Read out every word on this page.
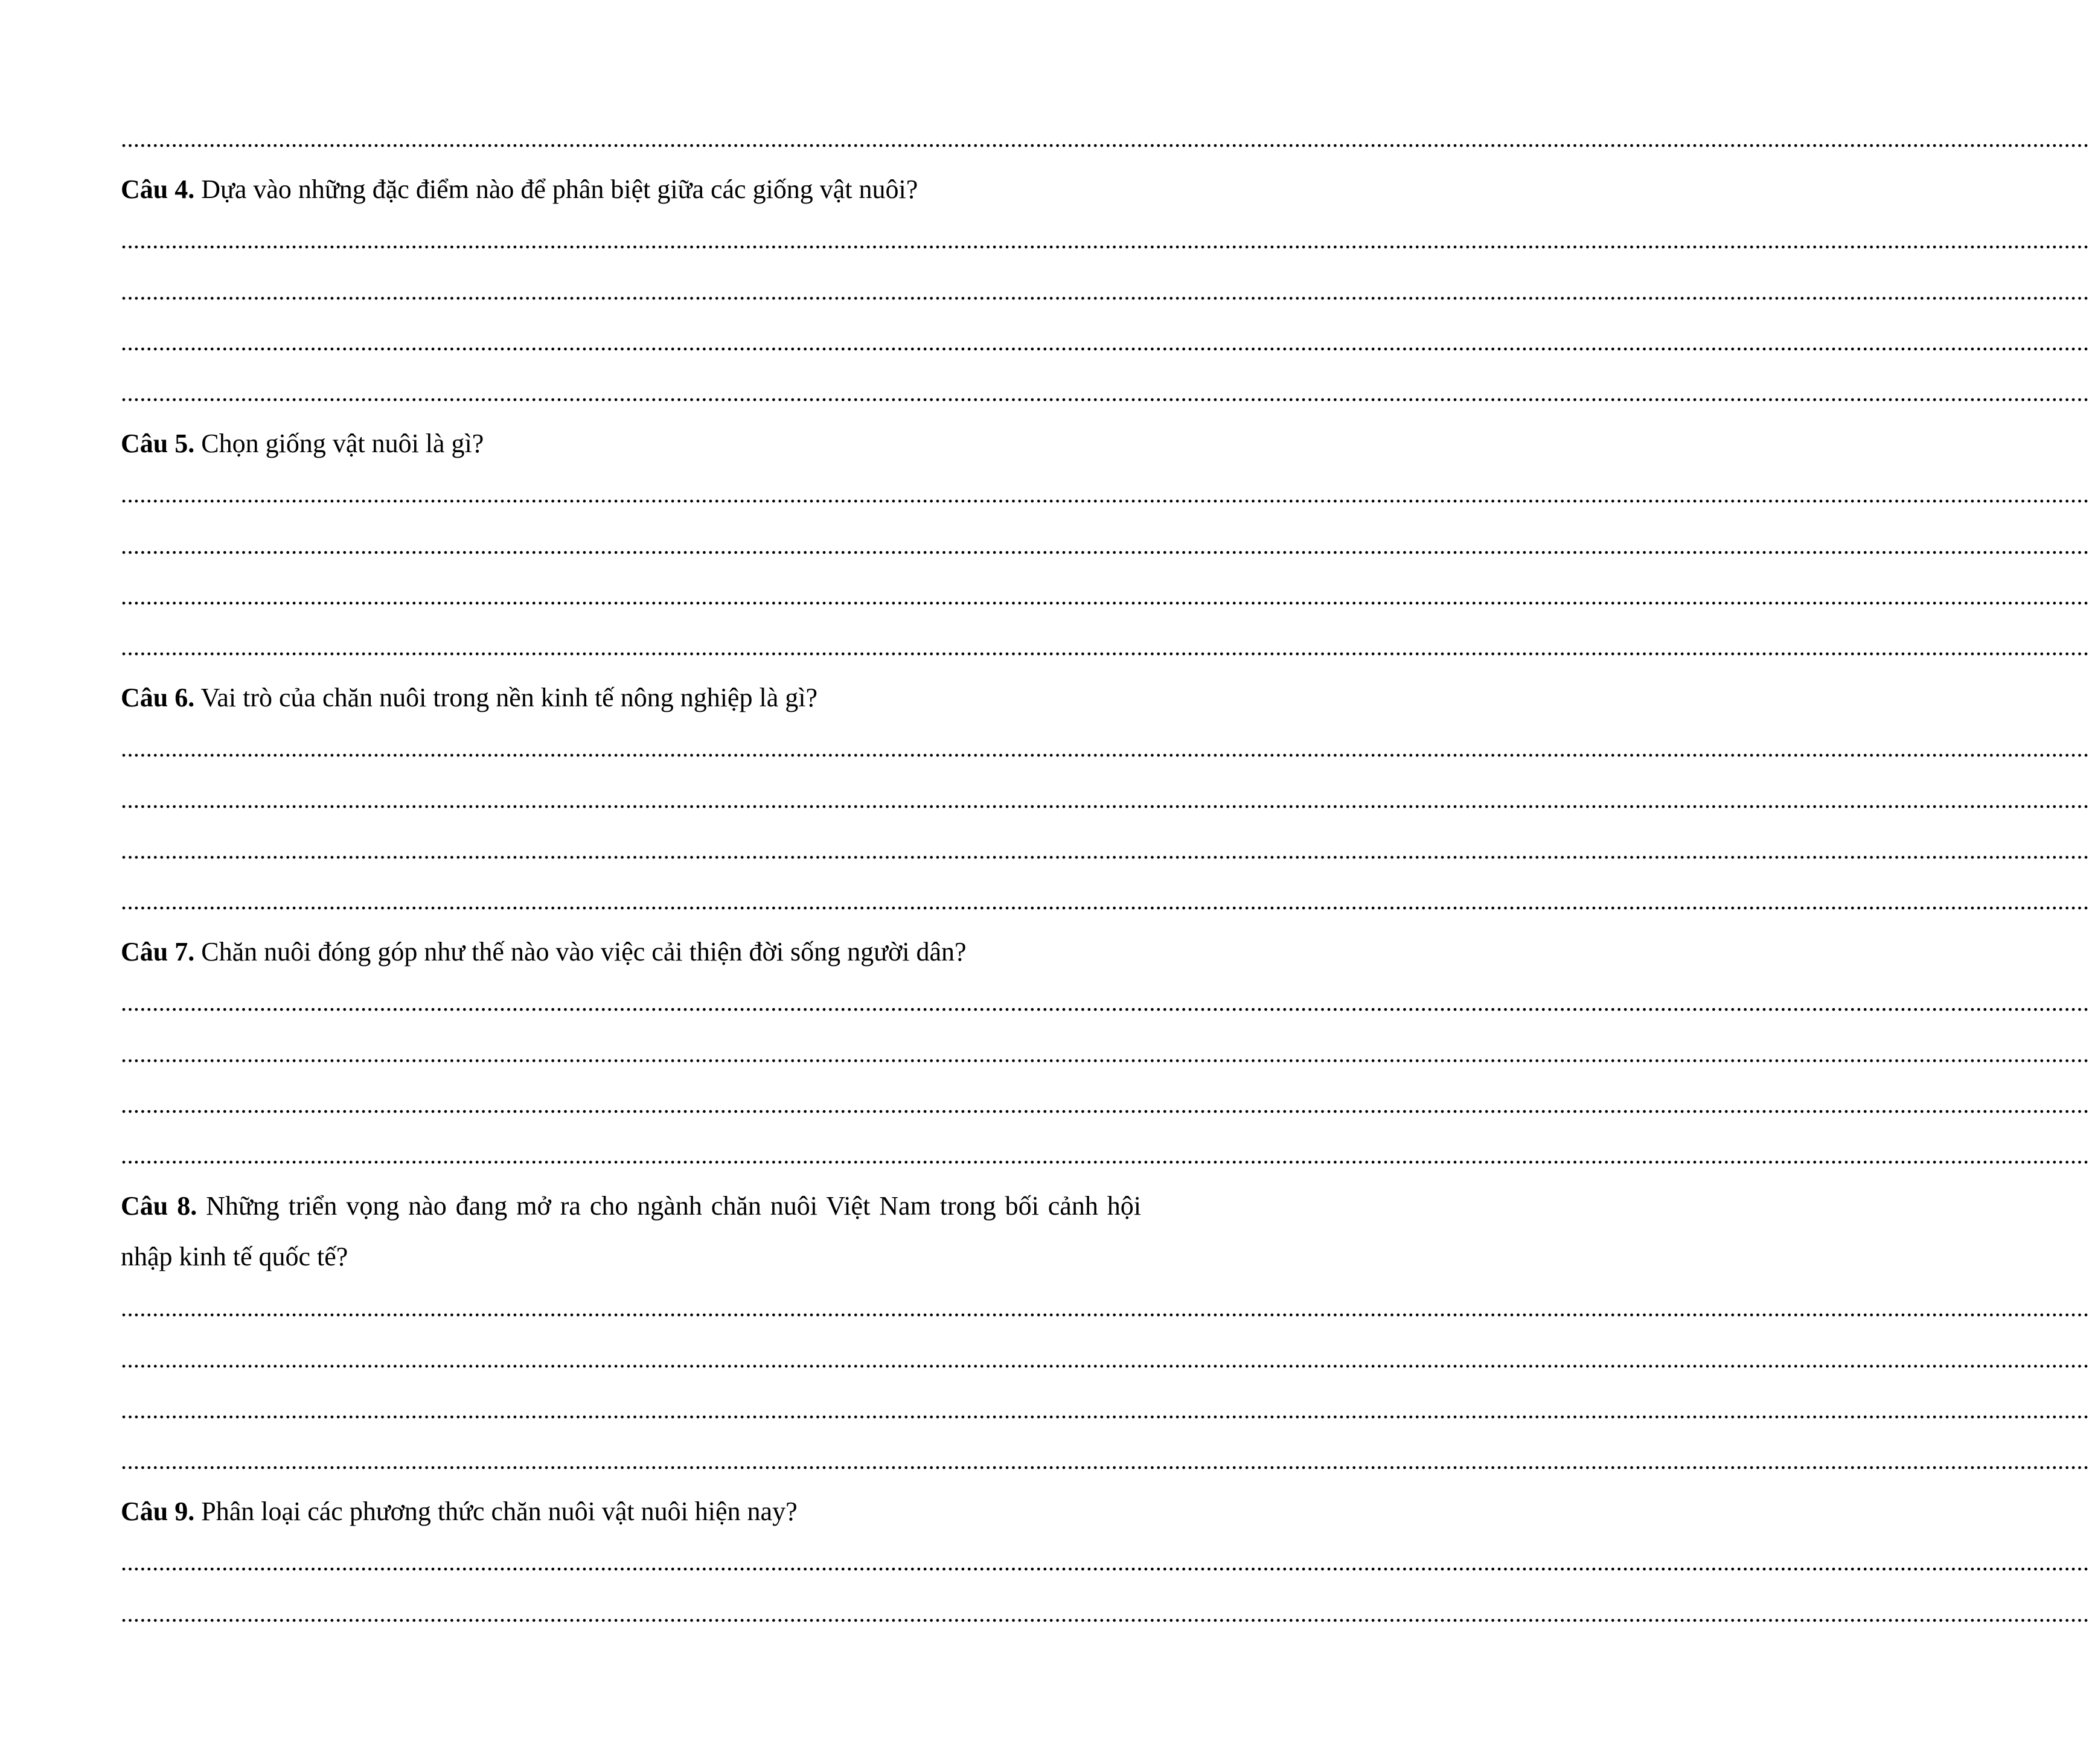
........................................................................................................................................................................................................................................................................................................................
Câu 4. Dựa vào những đặc điểm nào để phân biệt giữa các giống vật nuôi?
........................................................................................................................................................................................................................................................................................................................
........................................................................................................................................................................................................................................................................................................................
........................................................................................................................................................................................................................................................................................................................
........................................................................................................................................................................................................................................................................................................................
Câu 5. Chọn giống vật nuôi là gì?
........................................................................................................................................................................................................................................................................................................................
........................................................................................................................................................................................................................................................................................................................
........................................................................................................................................................................................................................................................................................................................
........................................................................................................................................................................................................................................................................................................................
Câu 6. Vai trò của chăn nuôi trong nền kinh tế nông nghiệp là gì?
........................................................................................................................................................................................................................................................................................................................
........................................................................................................................................................................................................................................................................................................................
........................................................................................................................................................................................................................................................................................................................
........................................................................................................................................................................................................................................................................................................................
Câu 7. Chăn nuôi đóng góp như thế nào vào việc cải thiện đời sống người dân?
........................................................................................................................................................................................................................................................................................................................
........................................................................................................................................................................................................................................................................................................................
........................................................................................................................................................................................................................................................................................................................
........................................................................................................................................................................................................................................................................................................................
Câu 8. Những triển vọng nào đang mở ra cho ngành chăn nuôi Việt Nam trong bối cảnh hội nhập kinh tế quốc tế?
........................................................................................................................................................................................................................................................................................................................
........................................................................................................................................................................................................................................................................................................................
........................................................................................................................................................................................................................................................................................................................
........................................................................................................................................................................................................................................................................................................................
Câu 9. Phân loại các phương thức chăn nuôi vật nuôi hiện nay?
........................................................................................................................................................................................................................................................................................................................
........................................................................................................................................................................................................................................................................................................................
